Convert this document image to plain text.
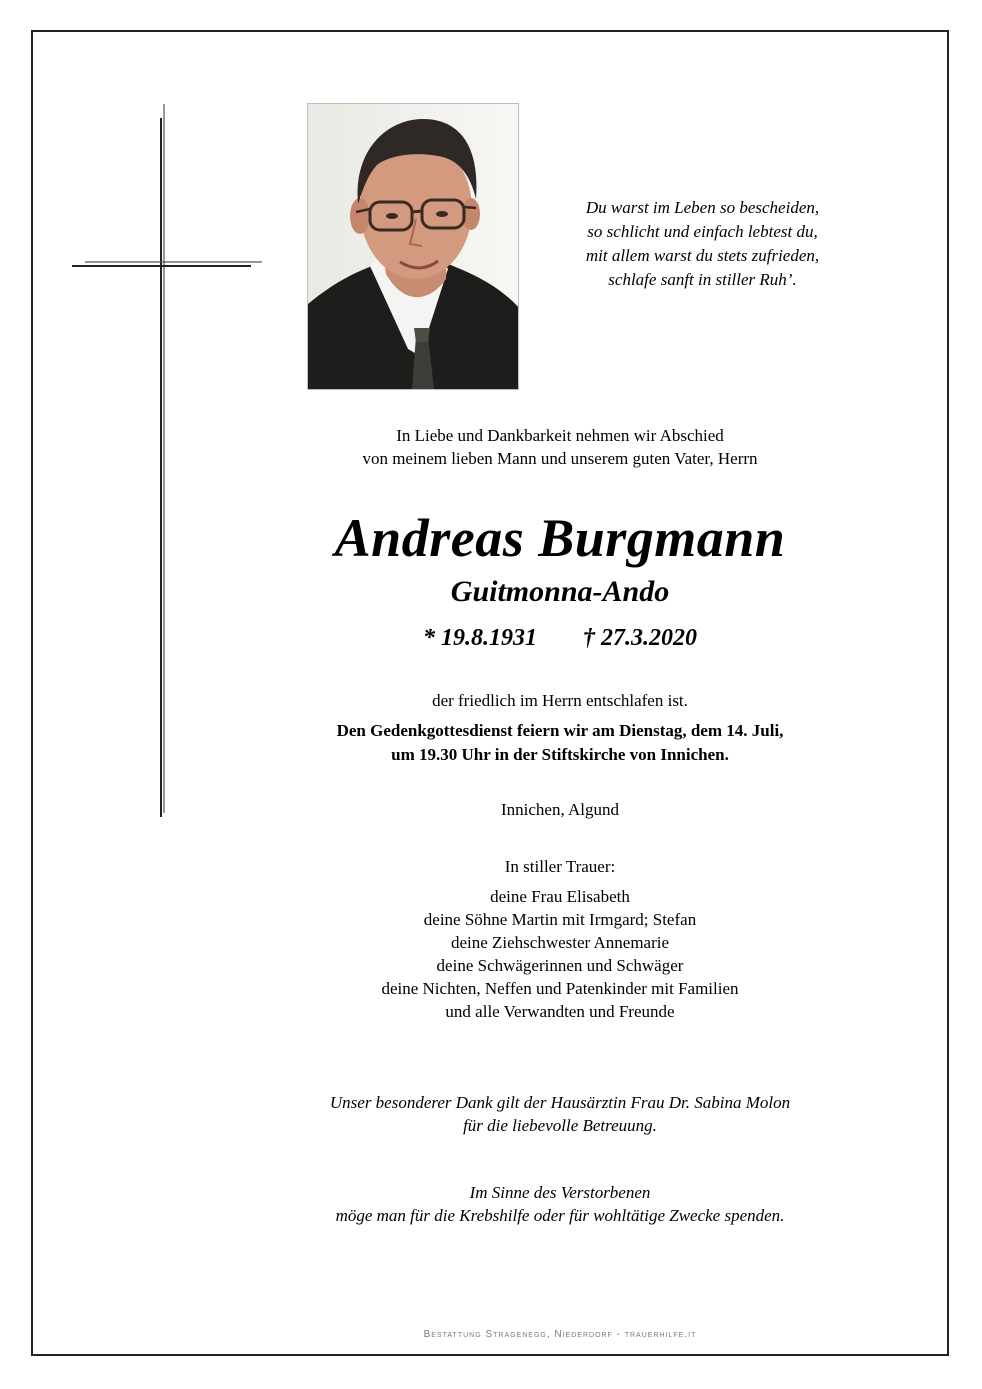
Du warst im Leben so bescheiden,
so schlicht und einfach lebtest du,
mit allem warst du stets zufrieden,
schlafe sanft in stiller Ruh’.
In Liebe und Dankbarkeit nehmen wir Abschied
von meinem lieben Mann und unserem guten Vater, Herrn
Andreas Burgmann
Guitmonna-Ando
* 19.8.1931 † 27.3.2020
der friedlich im Herrn entschlafen ist.
Den Gedenkgottesdienst feiern wir am Dienstag, dem 14. Juli,
um 19.30 Uhr in der Stiftskirche von Innichen.
Innichen, Algund
In stiller Trauer:
deine Frau Elisabeth
deine Söhne Martin mit Irmgard; Stefan
deine Ziehschwester Annemarie
deine Schwägerinnen und Schwäger
deine Nichten, Neffen und Patenkinder mit Familien
und alle Verwandten und Freunde
Unser besonderer Dank gilt der Hausärztin Frau Dr. Sabina Molon
für die liebevolle Betreuung.
Im Sinne des Verstorbenen
möge man für die Krebshilfe oder für wohltätige Zwecke spenden.
Bestattung Stragenegg, Niederdorf - trauerhilfe.it
